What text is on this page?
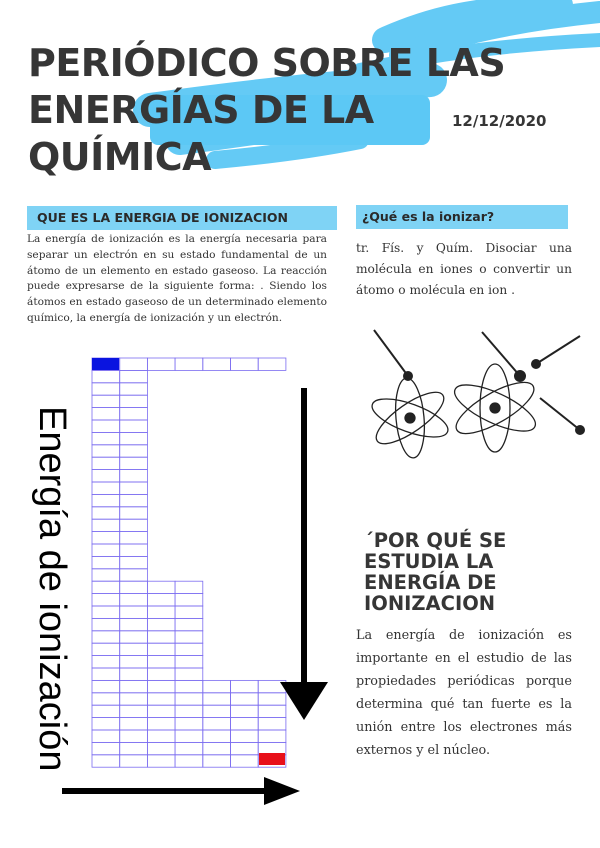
PERIÓDICO SOBRE LAS
ENERGÍAS DE LA
QUÍMICA
12/12/2020
QUE ES LA ENERGIA DE IONIZACION

La energía de ionización es la energía necesaria para separar un electrón en su estado fundamental de un átomo de un elemento en estado gaseoso. La reacción puede expresarse de la siguiente forma: . Siendo los átomos en estado gaseoso de un determinado elemento químico, la energía de ionización y un electrón.

¿Qué es la ionizar?

tr. Fís. y Quím. Disociar una molécula en iones o convertir un átomo o molécula en ion .

Energía de ionización	´POR QUÉ SE
ESTUDIA LA
ENERGÍA DE
IONIZACION

La energía de ionización es importante en el estudio de las propiedades periódicas porque determina qué tan fuerte es la unión entre los electrones más externos y el núcleo.
